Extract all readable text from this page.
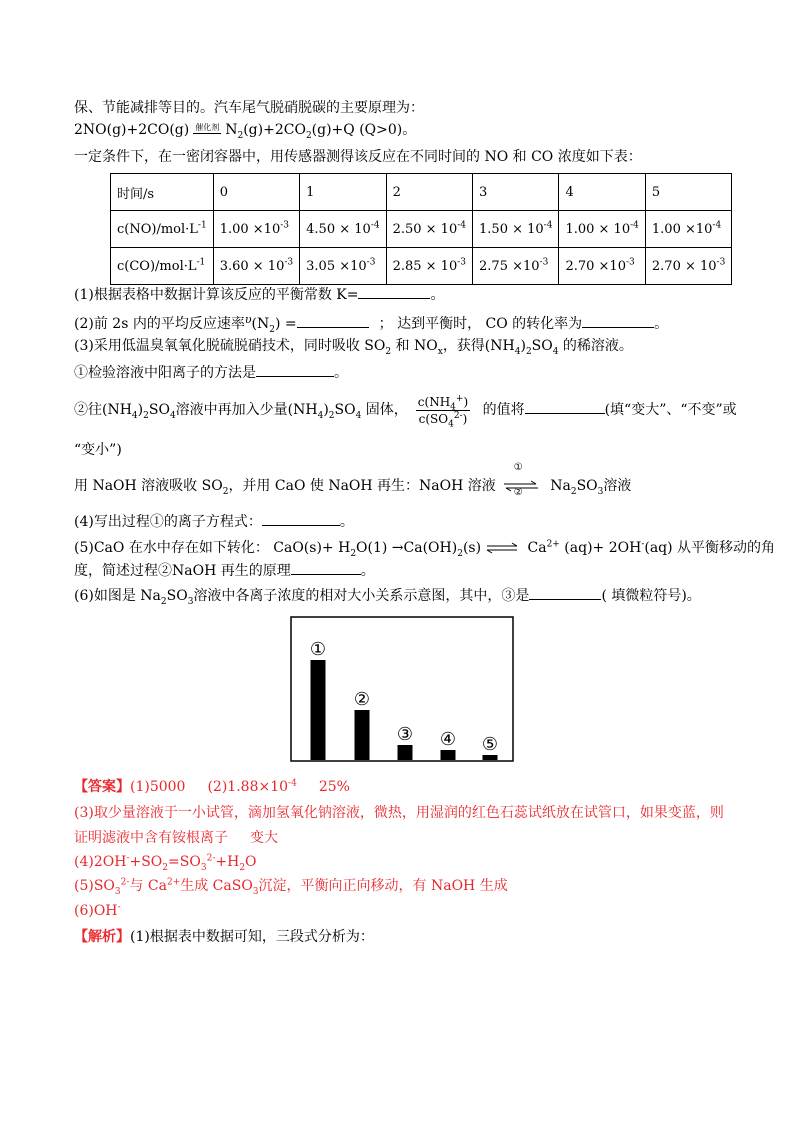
保、节能减排等目的。汽车尾气脱硝脱碳的主要原理为：
2NO(g)+2CO(g) 催化剂 $N_2(g)+2CO_2(g)+Q$ (Q>0)。
一定条件下，在一密闭容器中，用传感器测得该反应在不同时间的 NO 和 CO 浓度如下表：
时间/s	0	1	2	3	4	5
$c(NO)/mol\cdot L^{-1}$	$1.00 \times 10^{-3}$	$4.50 \times 10^{-4}$	$2.50 \times 10^{-4}$	$1.50 \times 10^{-4}$	$1.00 \times 10^{-4}$	$1.00 \times 10^{-4}$
$c(CO)/mol\cdot L^{-1}$	$3.60 \times 10^{-3}$	$3.05 \times 10^{-3}$	$2.85 \times 10^{-3}$	$2.75 \times 10^{-3}$	$2.70 \times 10^{-3}$	$2.70 \times 10^{-3}$
(1)根据表格中数据计算该反应的平衡常数 K=	。
(2)前 2s 内的平均反应速率$^\upsilon(N_2)$ =	； 达到平衡时， CO 的转化率为	。
(3)采用低温臭氧氧化脱硫脱硝技术，同时吸收 $SO_2$ 和 $NO_x$，获得$(NH_4)_2SO_4$ 的稀溶液。
①检验溶液中阳离子的方法是	。
②往$(NH_4)_2SO_4$溶液中再加入少量$(NH_4)_2SO_4$ 固体， $\frac{c(NH_4^+)}{c(SO_4^{2-})}$ 的值将	(填“变大”、“不变”或
“变小”)
用 NaOH 溶液吸收 $SO_2$，并用 CaO 使 NaOH 再生：NaOH 溶液
①
② $Na_2SO_3$溶液
(4)写出过程①的离子方程式：	。
(5)CaO 在水中存在如下转化： $CaO(s)+ H_2O(1) \to Ca(OH)_2(s)$ ⇌ $Ca^{2+}$ (aq)+ 2OH-(aq) 从平衡移动的角
度，简述过程②NaOH 再生的原理	。
(6)如图是 $Na_2SO_3$溶液中各离子浓度的相对大小关系示意图，其中，③是	( 填微粒符号)。
①
②
③ ④ ⑤
【答案】(1)5000 $(2)1.88\times 10^{-4}$ 25%
(3)取少量溶液于一小试管，滴加氢氧化钠溶液，微热，用湿润的红色石蕊试纸放在试管口，如果变蓝，则
证明滤液中含有铵根离子 变大
$(4)2OH^-+SO_2=SO_3^{2-}+H_2O$
$(5)SO_3^{2-}$与 $Ca^{2+}$生成 CaSO$_3$沉淀，平衡向正向移动，有 NaOH 生成
(6)OH-
【解析】(1)根据表中数据可知，三段式分析为：
